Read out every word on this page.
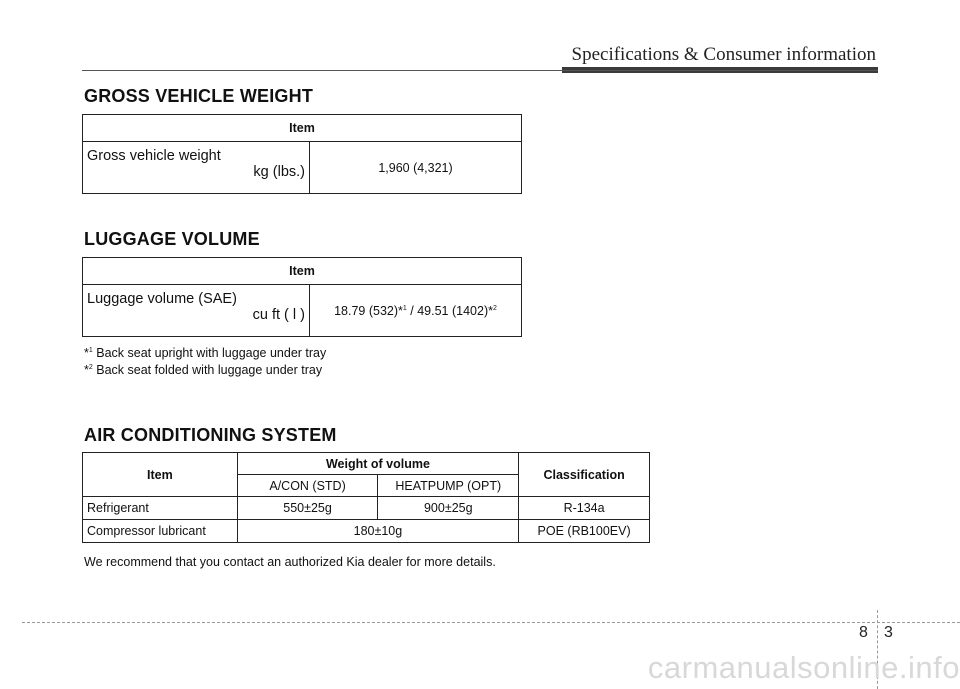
Specifications & Consumer information
GROSS VEHICLE WEIGHT
Item
Gross vehicle weight
kg (lbs.)	1,960 (4,321)
LUGGAGE VOLUME
Item
Luggage volume (SAE)
cu ft ( l )	18.79 (532)*$^1$ / 49.51 (1402)*$^2$
*$^1$ Back seat upright with luggage under tray
*$^2$ Back seat folded with luggage under tray
AIR CONDITIONING SYSTEM
Item	Weight of volume		Classification
	A/CON (STD)	HEATPUMP (OPT)	
Refrigerant	550±25g	900±25g	R-134a
Compressor lubricant	180±10g		POE (RB100EV)
We recommend that you contact an authorized Kia dealer for more details.
8 3
carmanualsonline.info
